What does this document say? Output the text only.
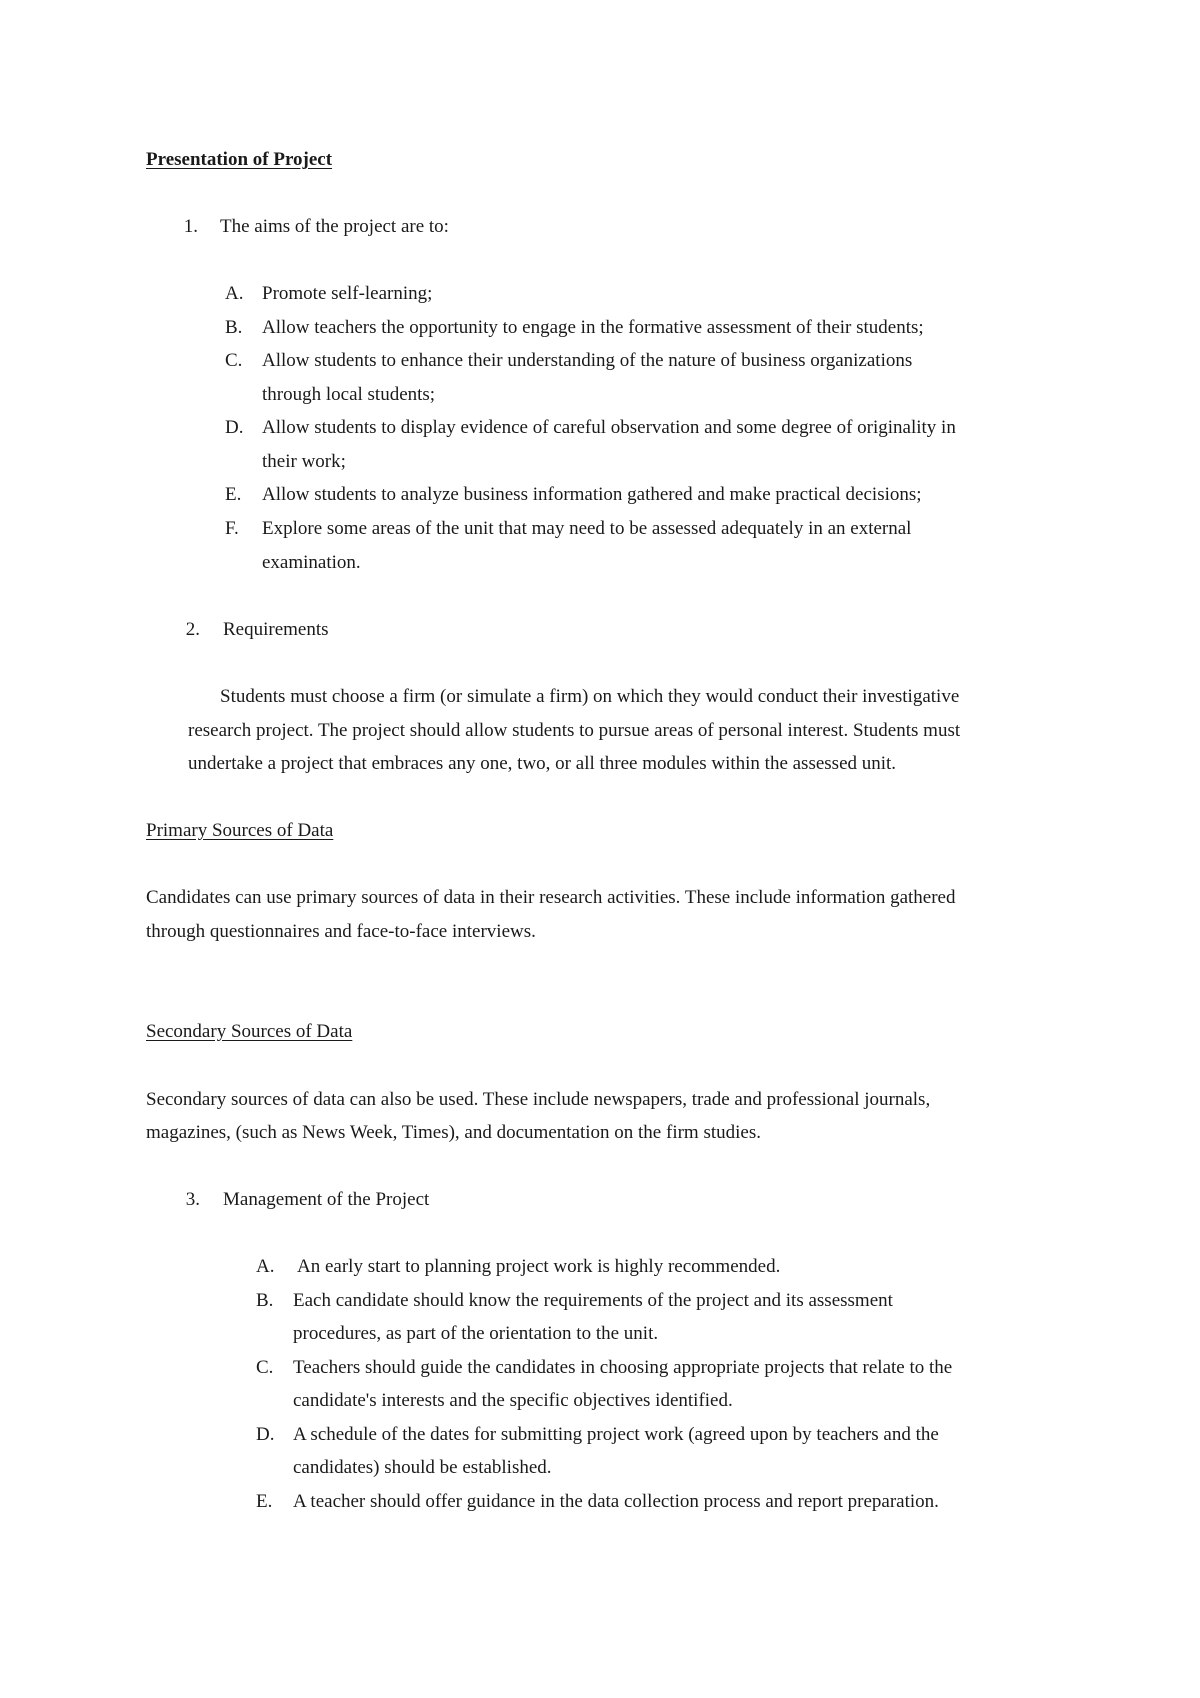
Presentation of Project
1. The aims of the project are to:
A. Promote self-learning;
B.	Allow teachers the opportunity to engage in the formative assessment of their students;
C.	Allow students to enhance their understanding of the nature of business organizations
through local students;
D. Allow students to display evidence of careful observation and some degree of originality in
their work;
E.	Allow students to analyze business information gathered and make practical decisions;
F.	Explore some areas of the unit that may need to be assessed adequately in an external
examination.
2. Requirements
Students must choose a firm (or simulate a firm) on which they would conduct their investigative
research project. The project should allow students to pursue areas of personal interest. Students must
undertake a project that embraces any one, two, or all three modules within the assessed unit.
Primary Sources of Data
Candidates can use primary sources of data in their research activities. These include information gathered
through questionnaires and face-to-face interviews.
Secondary Sources of Data
Secondary sources of data can also be used. These include newspapers, trade and professional journals,
magazines, (such as News Week, Times), and documentation on the firm studies.
3. Management of the Project
A.	An early start to planning project work is highly recommended.
B.	Each candidate should know the requirements of the project and its assessment
procedures, as part of the orientation to the unit.
C.	Teachers should guide the candidates in choosing appropriate projects that relate to the
candidate's interests and the specific objectives identified.
D. A schedule of the dates for submitting project work (agreed upon by teachers and the
candidates) should be established.
E.	A teacher should offer guidance in the data collection process and report preparation.
